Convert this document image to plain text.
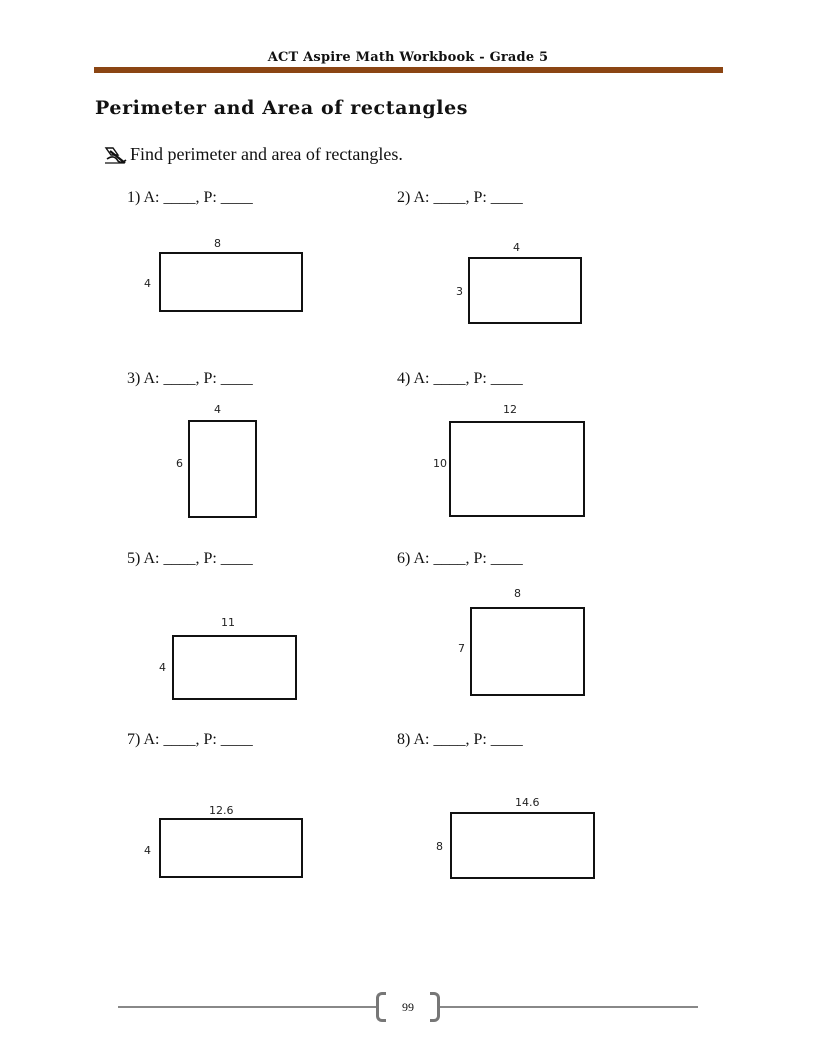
ACT Aspire Math Workbook - Grade 5
Perimeter and Area of rectangles
Find perimeter and area of rectangles.
1) A: ____, P: ____
8
4
2) A: ____, P: ____
4
3
3) A: ____, P: ____
4
6
4) A: ____, P: ____
12
10
5) A: ____, P: ____
11
4
6) A: ____, P: ____
8
7
7) A: ____, P: ____
12.6
4
8) A: ____, P: ____
14.6
8
99
